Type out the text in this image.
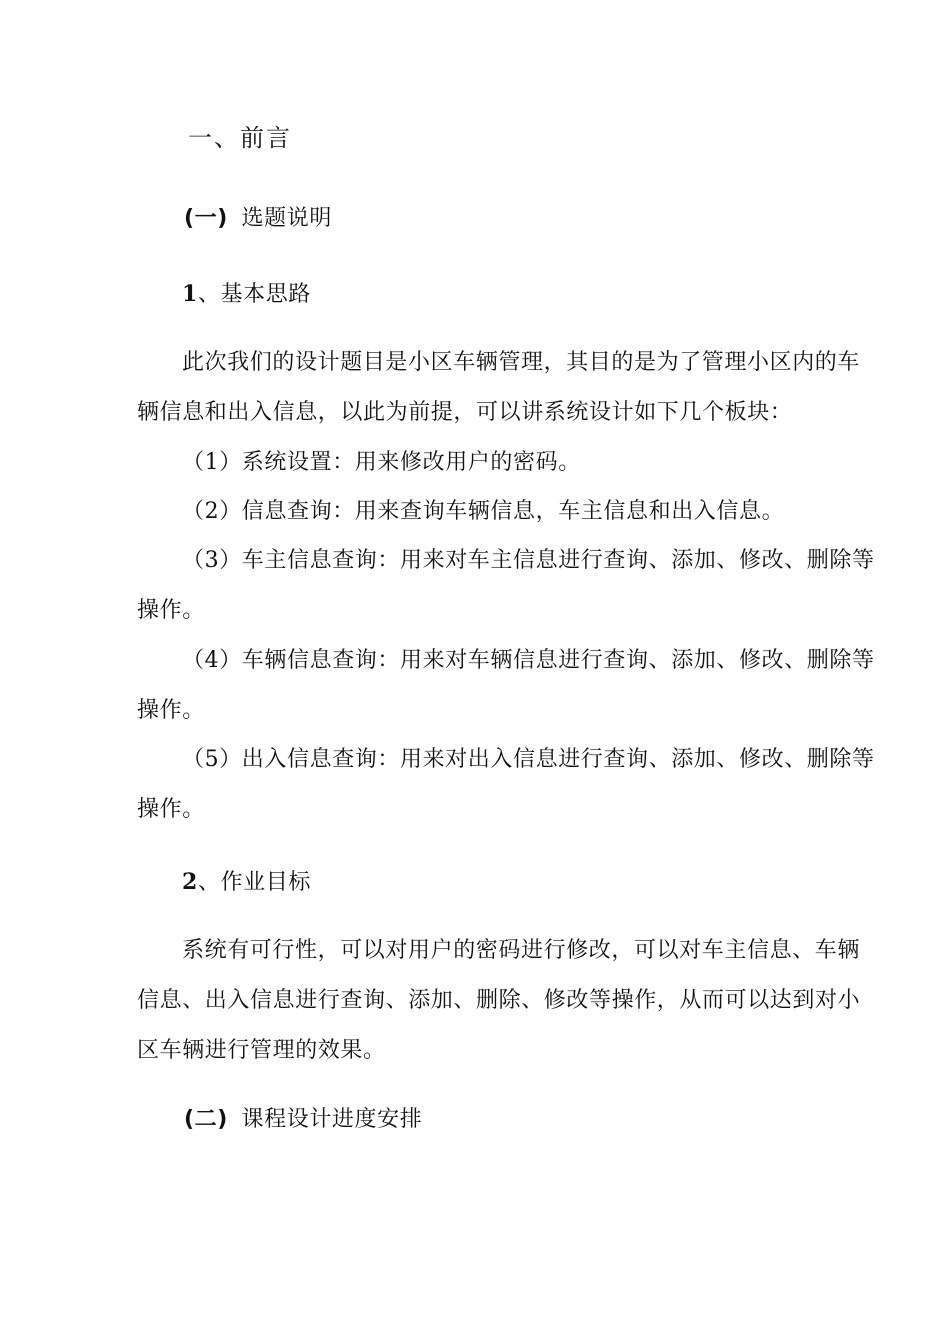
一、前言
(一) 选题说明
1、基本思路
此次我们的设计题目是小区车辆管理，其目的是为了管理小区内的车
辆信息和出入信息，以此为前提，可以讲系统设计如下几个板块：
（1）系统设置：用来修改用户的密码。
（2）信息查询：用来查询车辆信息，车主信息和出入信息。
（3）车主信息查询：用来对车主信息进行查询、添加、修改、删除等
操作。
（4）车辆信息查询：用来对车辆信息进行查询、添加、修改、删除等
操作。
（5）出入信息查询：用来对出入信息进行查询、添加、修改、删除等
操作。
2、作业目标
系统有可行性，可以对用户的密码进行修改，可以对车主信息、车辆
信息、出入信息进行查询、添加、删除、修改等操作，从而可以达到对小
区车辆进行管理的效果。
(二) 课程设计进度安排
